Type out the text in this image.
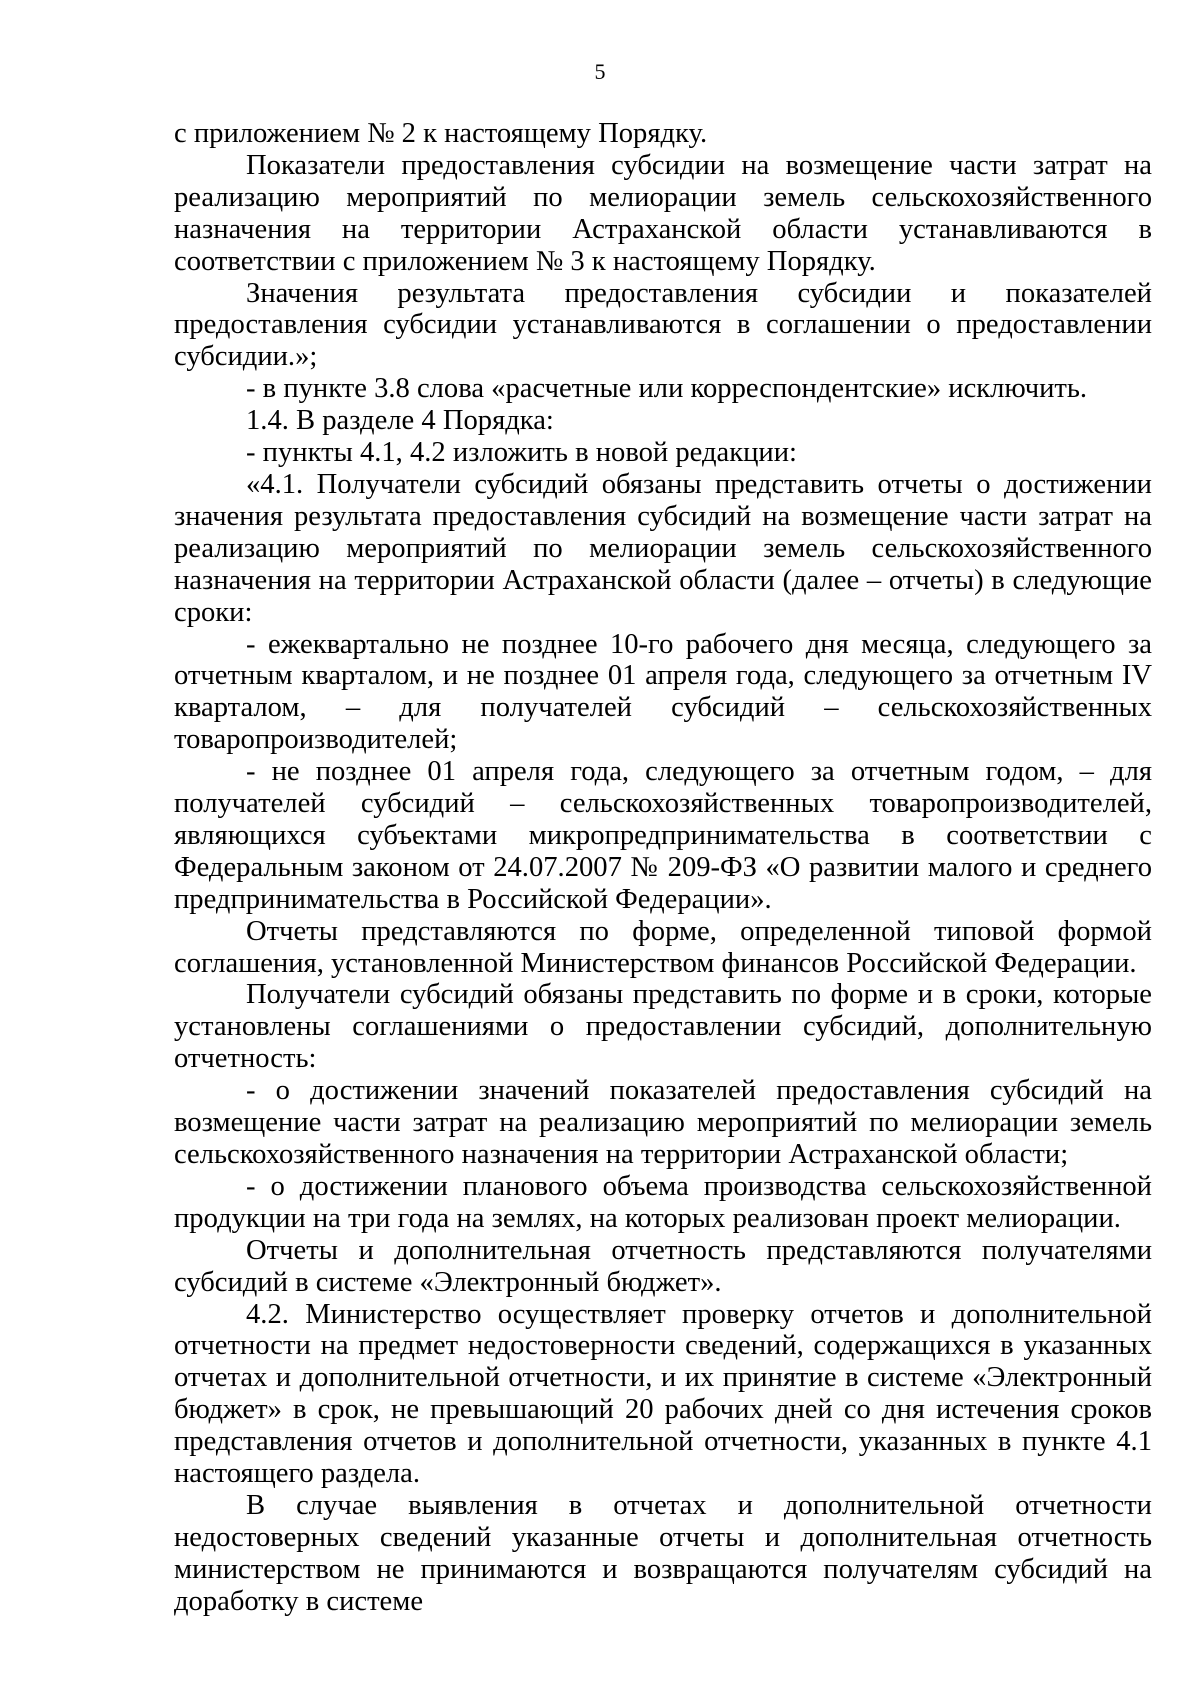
5

с приложением № 2 к настоящему Порядку.

Показатели предоставления субсидии на возмещение части затрат на реализацию мероприятий по мелиорации земель сельскохозяйственного назначения на территории Астраханской области устанавливаются в соответствии с приложением № 3 к настоящему Порядку.

Значения результата предоставления субсидии и показателей предоставления субсидии устанавливаются в соглашении о предоставлении субсидии.»;

- в пункте 3.8 слова «расчетные или корреспондентские» исключить.

1.4. В разделе 4 Порядка:

- пункты 4.1, 4.2 изложить в новой редакции:

«4.1. Получатели субсидий обязаны представить отчеты о достижении значения результата предоставления субсидий на возмещение части затрат на реализацию мероприятий по мелиорации земель сельскохозяйственного назначения на территории Астраханской области (далее – отчеты) в следующие сроки:

- ежеквартально не позднее 10-го рабочего дня месяца, следующего за отчетным кварталом, и не позднее 01 апреля года, следующего за отчетным IV кварталом, – для получателей субсидий – сельскохозяйственных товаропроизводителей;

- не позднее 01 апреля года, следующего за отчетным годом, – для получателей субсидий – сельскохозяйственных товаропроизводителей, являющихся субъектами микропредпринимательства в соответствии с Федеральным законом от 24.07.2007 № 209-ФЗ «О развитии малого и среднего предпринимательства в Российской Федерации».

Отчеты представляются по форме, определенной типовой формой соглашения, установленной Министерством финансов Российской Федерации.

Получатели субсидий обязаны представить по форме и в сроки, которые установлены соглашениями о предоставлении субсидий, дополнительную отчетность:

- о достижении значений показателей предоставления субсидий на возмещение части затрат на реализацию мероприятий по мелиорации земель сельскохозяйственного назначения на территории Астраханской области;

- о достижении планового объема производства сельскохозяйственной продукции на три года на землях, на которых реализован проект мелиорации.

Отчеты и дополнительная отчетность представляются получателями субсидий в системе «Электронный бюджет».

4.2. Министерство осуществляет проверку отчетов и дополнительной отчетности на предмет недостоверности сведений, содержащихся в указанных отчетах и дополнительной отчетности, и их принятие в системе «Электронный бюджет» в срок, не превышающий 20 рабочих дней со дня истечения сроков представления отчетов и дополнительной отчетности, указанных в пункте 4.1 настоящего раздела.

В случае выявления в отчетах и дополнительной отчетности недостоверных сведений указанные отчеты и дополнительная отчетность министерством не принимаются и возвращаются получателям субсидий на доработку в системе
